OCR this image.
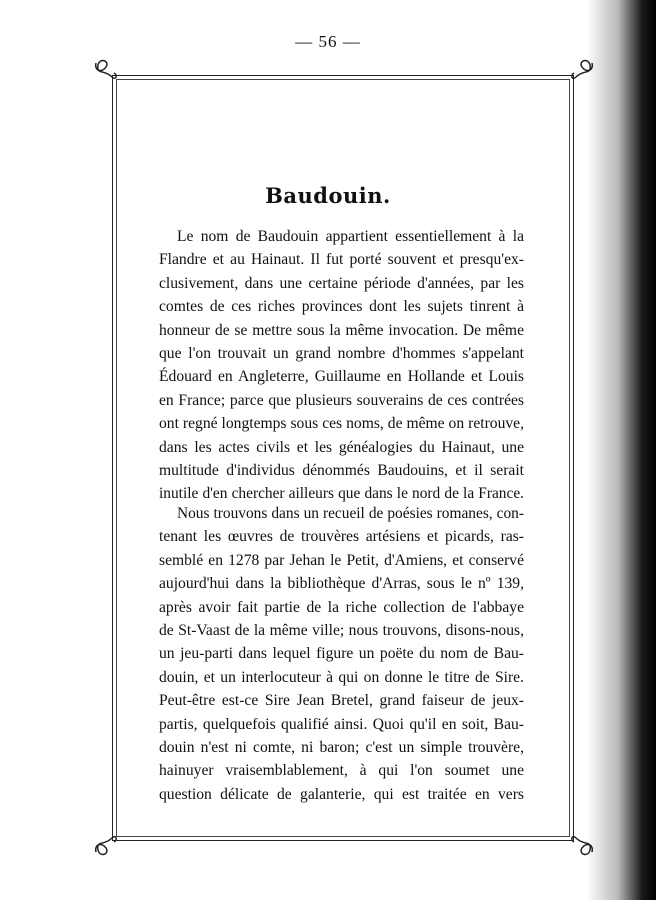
— 56 —
Baudouin.
Le nom de Baudouin appartient essentiellement à la
Flandre et au Hainaut. Il fut porté souvent et presqu'ex-
clusivement, dans une certaine période d'années, par les
comtes de ces riches provinces dont les sujets tinrent à
honneur de se mettre sous la même invocation. De même
que l'on trouvait un grand nombre d'hommes s'appelant
Édouard en Angleterre, Guillaume en Hollande et Louis
en France; parce que plusieurs souverains de ces contrées
ont regné longtemps sous ces noms, de même on retrouve,
dans les actes civils et les généalogies du Hainaut, une
multitude d'individus dénommés Baudouins, et il serait
inutile d'en chercher ailleurs que dans le nord de la France.
Nous trouvons dans un recueil de poésies romanes, con-
tenant les œuvres de trouvères artésiens et picards, ras-
semblé en 1278 par Jehan le Petit, d'Amiens, et conservé
aujourd'hui dans la bibliothèque d'Arras, sous le nº 139,
après avoir fait partie de la riche collection de l'abbaye
de St-Vaast de la même ville; nous trouvons, disons-nous,
un jeu-parti dans lequel figure un poëte du nom de Bau-
douin, et un interlocuteur à qui on donne le titre de Sire.
Peut-être est-ce Sire Jean Bretel, grand faiseur de jeux-
partis, quelquefois qualifié ainsi. Quoi qu'il en soit, Bau-
douin n'est ni comte, ni baron; c'est un simple trouvère,
hainuyer vraisemblablement, à qui l'on soumet une
question délicate de galanterie, qui est traitée en vers
